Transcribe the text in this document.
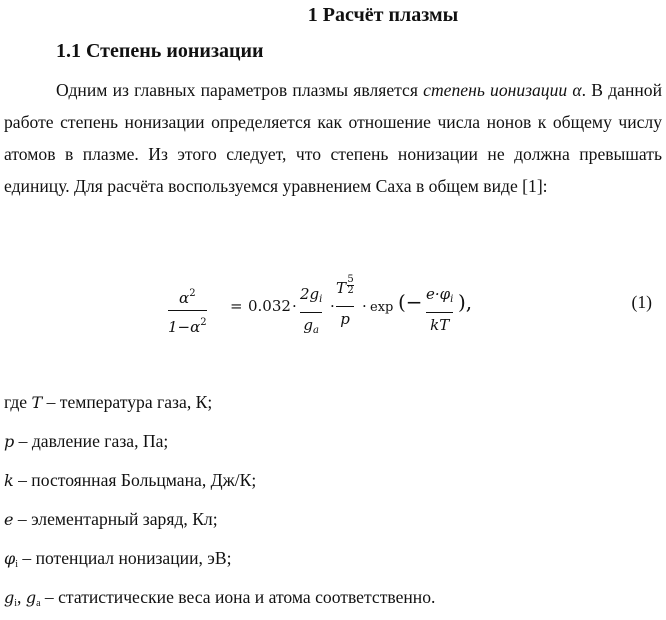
1 Расчёт плазмы
1.1 Степень ионизации
Одним из главных параметров плазмы является степень ионизации α. В данной работе степень нонизации определяется как отношение числа нонов к общему числу атомов в плазме. Из этого следует, что степень нонизации не должна превышать единицу. Для расчёта воспользуемся уравнением Саха в общем виде [1]:
$\alpha^2$
$1-\alpha^2$
= 0.032 ·
$2g_i$
$g_a$
·
T $\frac{5}{2}$
p
· exp (− $e\cdot\varphi_i$
kT
),	(1)
где T – температура газа, К;
p – давление газа, Па;
k – постоянная Больцмана, Дж/К;
e – элементарный заряд, Кл;
$\varphi_i$ – потенциал нонизации, эВ;
$g_i$, $g_a$ – статистические веса иона и атома соответственно.
